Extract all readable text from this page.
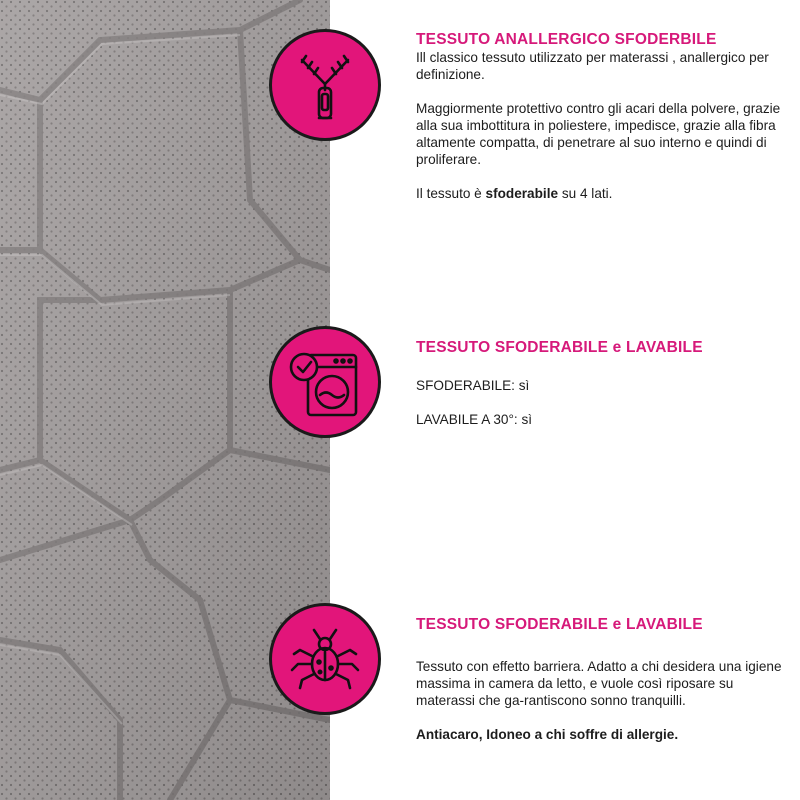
TESSUTO ANALLERGICO SFODERBILE

Ill classico tessuto utilizzato per materassi , anallergico per definizione.

Maggiormente protettivo contro gli acari della polvere, grazie alla sua imbottitura in poliestere, impedisce, grazie alla fibra altamente compatta, di penetrare al suo interno e quindi di proliferare.

Il tessuto è sfoderabile su 4 lati.

TESSUTO SFODERABILE e LAVABILE

SFODERABILE: sì

LAVABILE A 30°: sì

TESSUTO SFODERABILE e LAVABILE

Tessuto con effetto barriera. Adatto a chi desidera una igiene massima in camera da letto, e vuole così riposare su materassi che ga-rantiscono sonno tranquilli.

Antiacaro, Idoneo a chi soffre di allergie.
